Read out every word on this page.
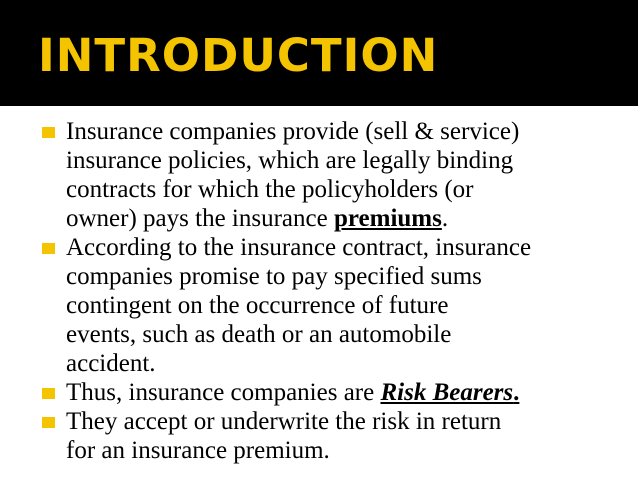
INTRODUCTION
Insurance companies provide (sell & service)
insurance policies, which are legally binding
contracts for which the policyholders (or
owner) pays the insurance premiums.
According to the insurance contract, insurance
companies promise to pay specified sums
contingent on the occurrence of future
events, such as death or an automobile
accident.
Thus, insurance companies are Risk Bearers.
They accept or underwrite the risk in return
for an insurance premium.
